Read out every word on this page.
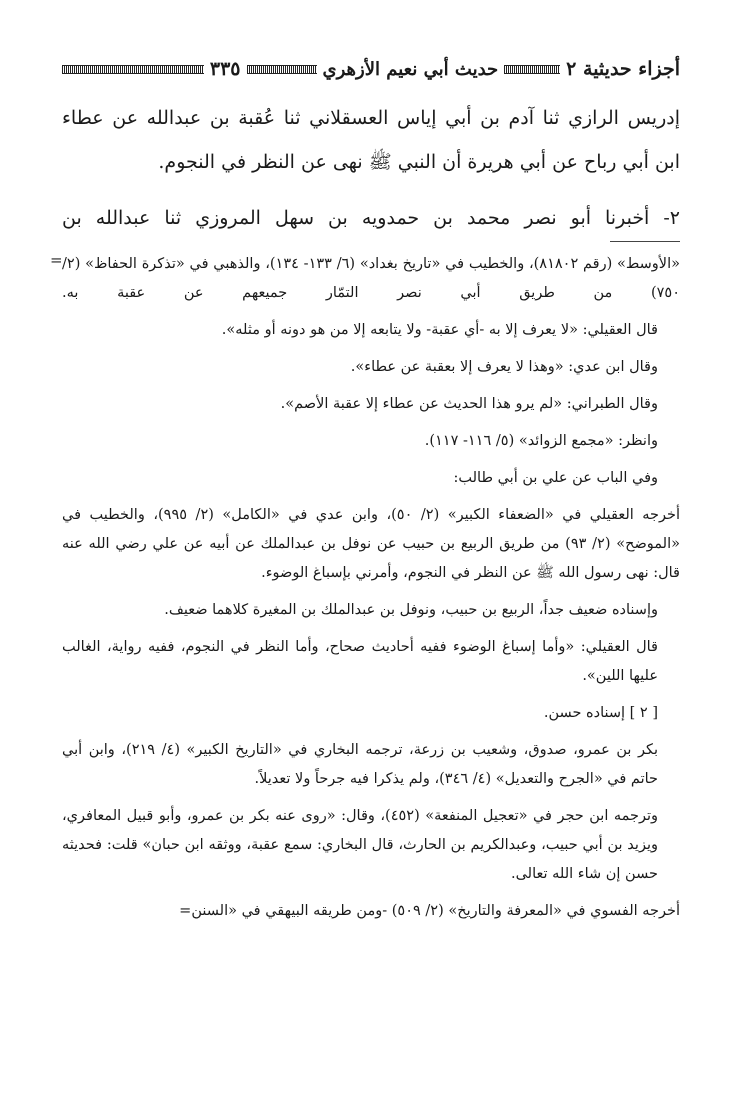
أجزاء حديثية ٢
حديث أبي نعيم الأزهري
٣٣٥

إدريس الرازي ثنا آدم بن أبي إياس العسقلاني ثنا عُقبة بن عبدالله عن عطاء

ابن أبي رباح عن أبي هريرة أن النبي ﷺ نهى عن النظر في النجوم.

٢- أخبرنا أبو نصر محمد بن حمدويه بن سهل المروزي ثنا عبدالله بن

= «الأوسط» (رقم ٨١٨٠٢)، والخطيب في «تاريخ بغداد» (٦/ ١٣٣- ١٣٤)، والذهبي في «تذكرة الحفاظ» (٢/ ٧٥٠) من طريق أبي نصر التمّار جميعهم عن عقبة به.

قال العقيلي: «لا يعرف إلا به -أي عقبة- ولا يتابعه إلا من هو دونه أو مثله».

وقال ابن عدي: «وهذا لا يعرف إلا بعقبة عن عطاء».

وقال الطبراني: «لم يرو هذا الحديث عن عطاء إلا عقبة الأصم».

وانظر: «مجمع الزوائد» (٥/ ١١٦- ١١٧).

وفي الباب عن علي بن أبي طالب:

أخرجه العقيلي في «الضعفاء الكبير» (٢/ ٥٠)، وابن عدي في «الكامل» (٢/ ٩٩٥)، والخطيب في «الموضح» (٢/ ٩٣) من طريق الربيع بن حبيب عن نوفل بن عبدالملك عن أبيه عن علي رضي الله عنه قال: نهى رسول الله ﷺ عن النظر في النجوم، وأمرني بإسباغ الوضوء.

وإسناده ضعيف جداً، الربيع بن حبيب، ونوفل بن عبدالملك بن المغيرة كلاهما ضعيف.

قال العقيلي: «وأما إسباغ الوضوء ففيه أحاديث صحاح، وأما النظر في النجوم، ففيه رواية، الغالب عليها اللين».

[ ٢ ] إسناده حسن.

بكر بن عمرو، صدوق، وشعيب بن زرعة، ترجمه البخاري في «التاريخ الكبير» (٤/ ٢١٩)، وابن أبي حاتم في «الجرح والتعديل» (٤/ ٣٤٦)، ولم يذكرا فيه جرحاً ولا تعديلاً.

وترجمه ابن حجر في «تعجيل المنفعة» (٤٥٢)، وقال: «روى عنه بكر بن عمرو، وأبو قبيل المعافري، ويزيد بن أبي حبيب، وعبدالكريم بن الحارث، قال البخاري: سمع عقبة، ووثقه ابن حبان» قلت: فحديثه حسن إن شاء الله تعالى.

أخرجه الفسوي في «المعرفة والتاريخ» (٢/ ٥٠٩) -ومن طريقه البيهقي في «السنن=
